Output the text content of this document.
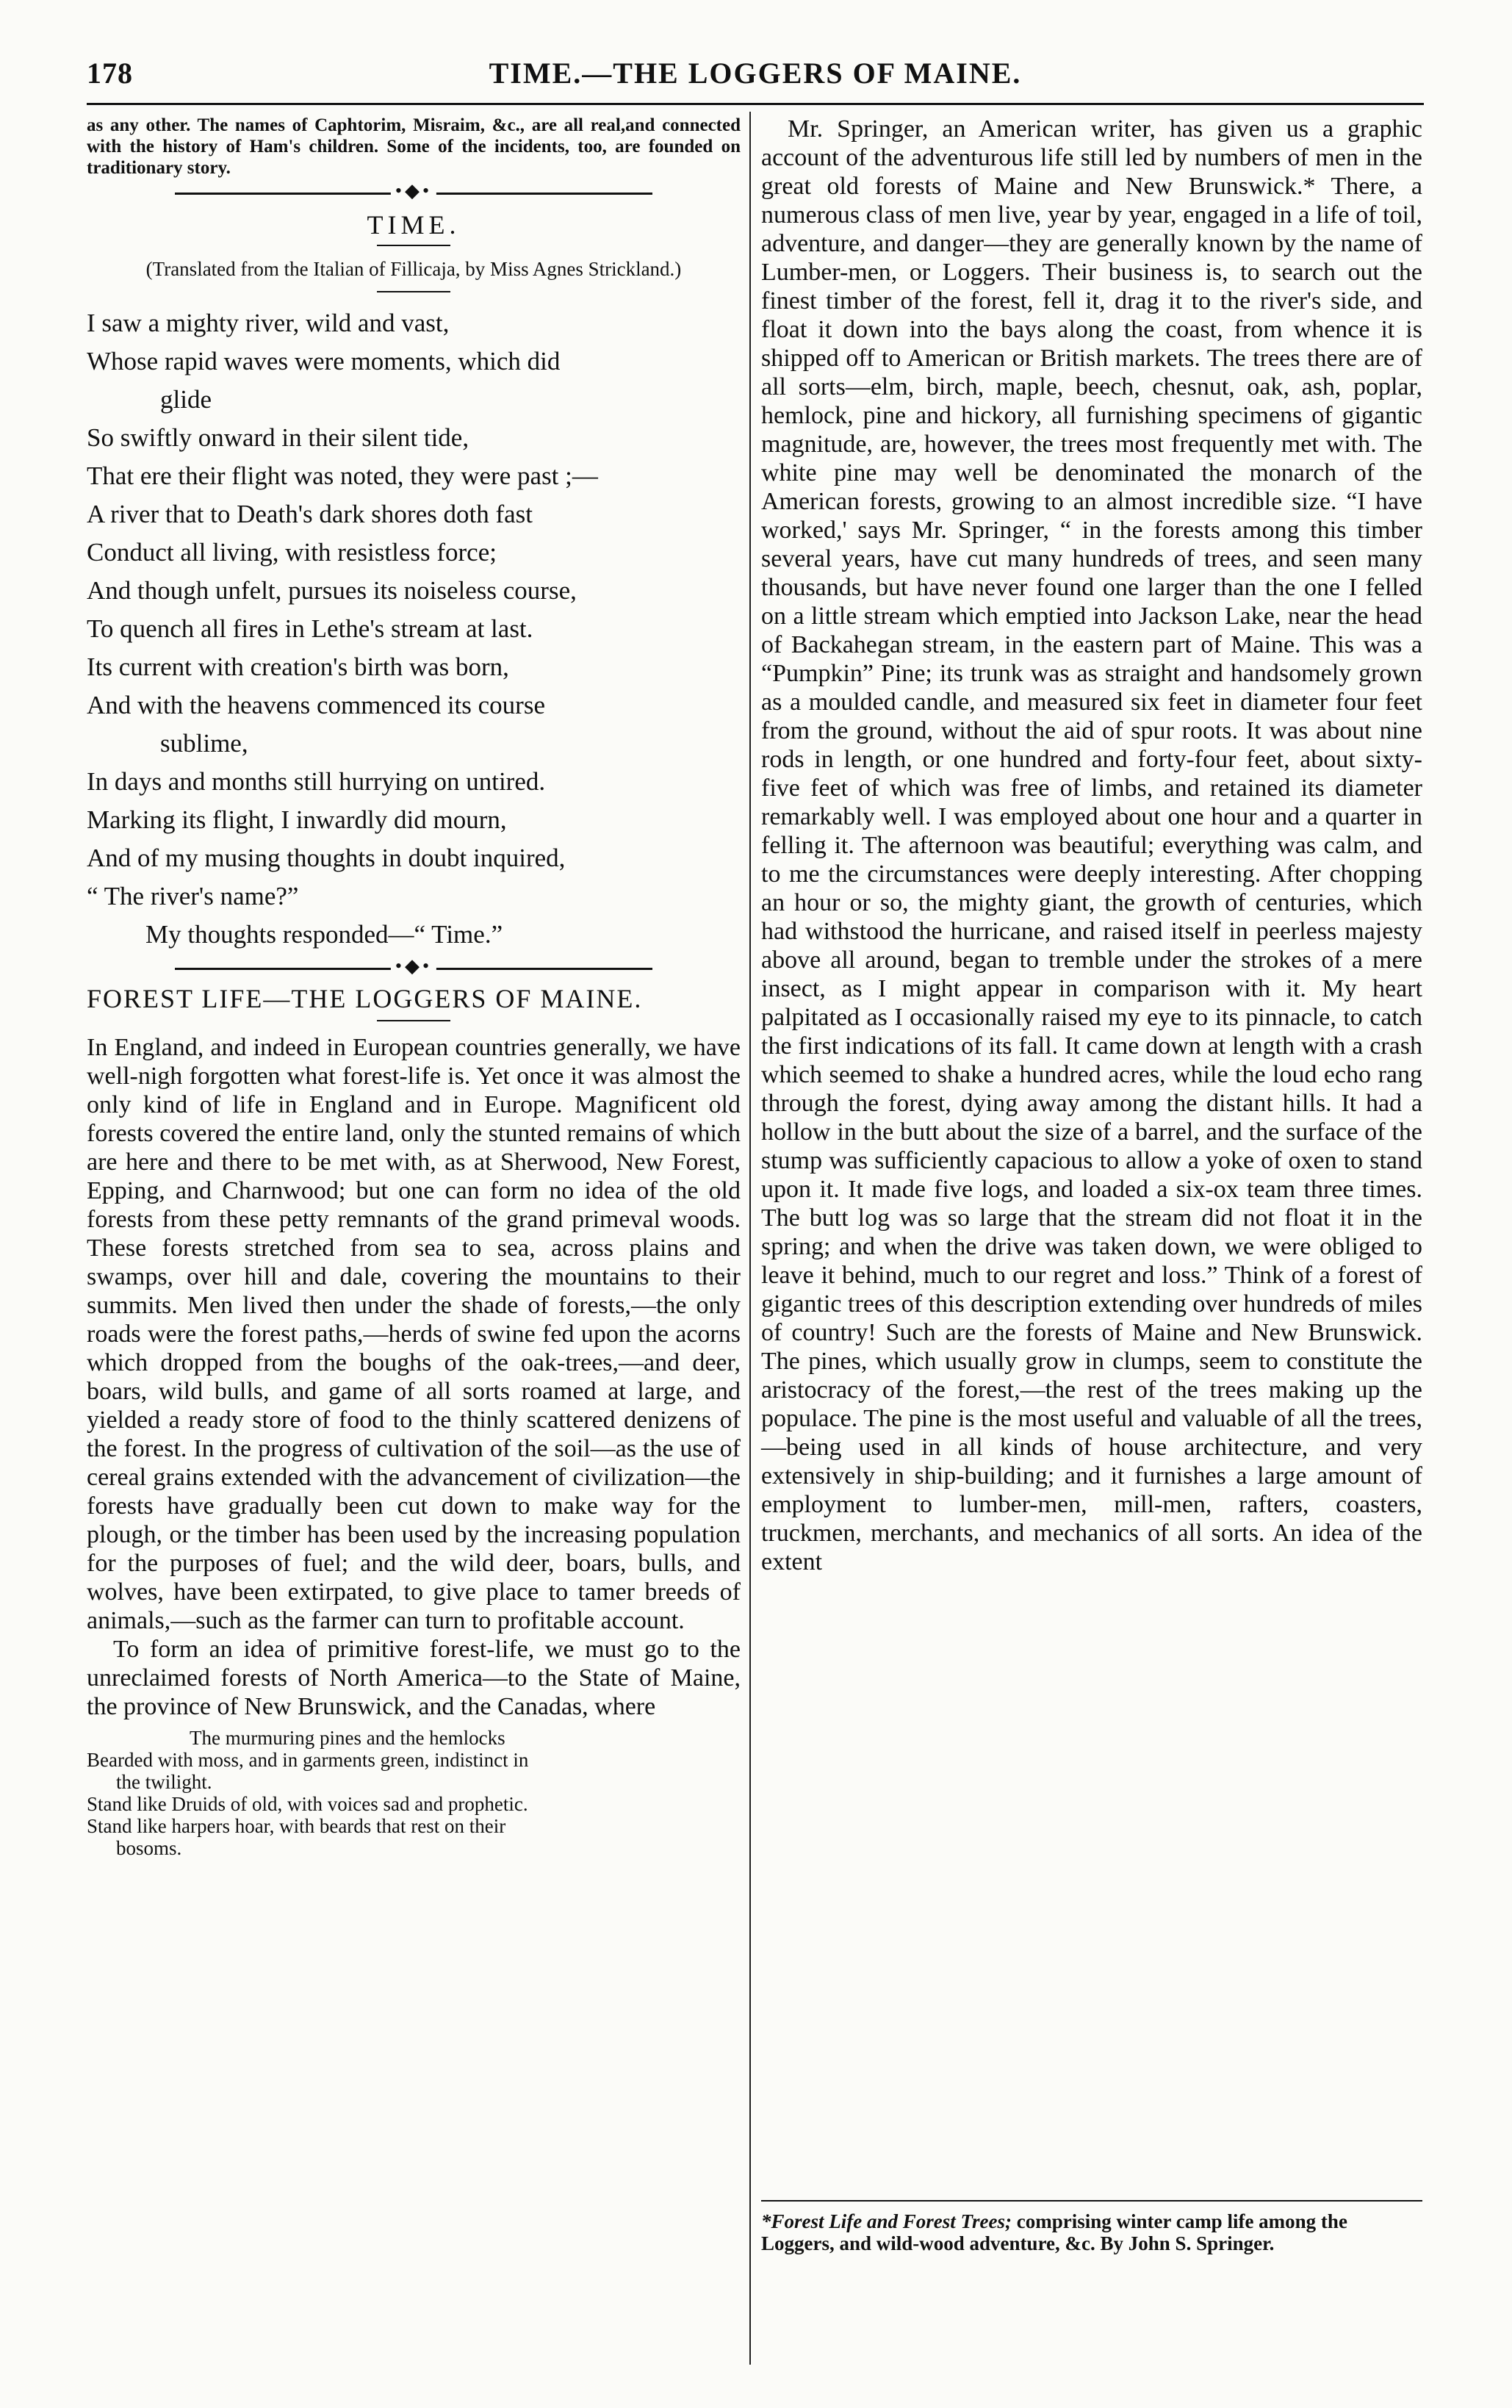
178	TIME.—THE LOGGERS OF MAINE.

as any other. The names of Caphtorim, Misraim, &c., are all real,and connected with the history of Ham's children. Some of the incidents, too, are founded on traditionary story.

•◆•
TIME.

(Translated from the Italian of Fillicaja, by Miss Agnes Strickland.)

I saw a mighty river, wild and vast,
Whose rapid waves were moments, which did
glide
So swiftly onward in their silent tide,
That ere their flight was noted, they were past ;—
A river that to Death's dark shores doth fast
Conduct all living, with resistless force;
And though unfelt, pursues its noiseless course,
To quench all fires in Lethe's stream at last.
Its current with creation's birth was born,
And with the heavens commenced its course
sublime,
In days and months still hurrying on untired.
Marking its flight, I inwardly did mourn,
And of my musing thoughts in doubt inquired,
“ The river's name?”
My thoughts responded—“ Time.”
•◆•
FOREST LIFE—THE LOGGERS OF MAINE.

In England, and indeed in European countries generally, we have well-nigh forgotten what forest-life is. Yet once it was almost the only kind of life in England and in Europe. Magnificent old forests covered the entire land, only the stunted remains of which are here and there to be met with, as at Sherwood, New Forest, Epping, and Charnwood; but one can form no idea of the old forests from these petty remnants of the grand primeval woods. These forests stretched from sea to sea, across plains and swamps, over hill and dale, covering the mountains to their summits. Men lived then under the shade of forests,—the only roads were the forest paths,—herds of swine fed upon the acorns which dropped from the boughs of the oak-trees,—and deer, boars, wild bulls, and game of all sorts roamed at large, and yielded a ready store of food to the thinly scattered denizens of the forest. In the progress of cultivation of the soil—as the use of cereal grains extended with the advancement of civilization—the forests have gradually been cut down to make way for the plough, or the timber has been used by the increasing population for the purposes of fuel; and the wild deer, boars, bulls, and wolves, have been extirpated, to give place to tamer breeds of animals,—such as the farmer can turn to profitable account.

To form an idea of primitive forest-life, we must go to the unreclaimed forests of North America—to the State of Maine, the province of New Brunswick, and the Canadas, where

The murmuring pines and the hemlocks
Bearded with moss, and in garments green, indistinct in
the twilight.
Stand like Druids of old, with voices sad and prophetic.
Stand like harpers hoar, with beards that rest on their
bosoms.

Mr. Springer, an American writer, has given us a graphic account of the adventurous life still led by numbers of men in the great old forests of Maine and New Brunswick.* There, a numerous class of men live, year by year, engaged in a life of toil, adventure, and danger—they are generally known by the name of Lumber-men, or Loggers. Their business is, to search out the finest timber of the forest, fell it, drag it to the river's side, and float it down into the bays along the coast, from whence it is shipped off to American or British markets. The trees there are of all sorts—elm, birch, maple, beech, chesnut, oak, ash, poplar, hemlock, pine and hickory, all furnishing specimens of gigantic magnitude, are, however, the trees most frequently met with. The white pine may well be denominated the monarch of the American forests, growing to an almost incredible size. “I have worked,' says Mr. Springer, “ in the forests among this timber several years, have cut many hundreds of trees, and seen many thousands, but have never found one larger than the one I felled on a little stream which emptied into Jackson Lake, near the head of Backahegan stream, in the eastern part of Maine. This was a “Pumpkin” Pine; its trunk was as straight and handsomely grown as a moulded candle, and measured six feet in diameter four feet from the ground, without the aid of spur roots. It was about nine rods in length, or one hundred and forty-four feet, about sixty-five feet of which was free of limbs, and retained its diameter remarkably well. I was employed about one hour and a quarter in felling it. The afternoon was beautiful; everything was calm, and to me the circumstances were deeply interesting. After chopping an hour or so, the mighty giant, the growth of centuries, which had withstood the hurricane, and raised itself in peerless majesty above all around, began to tremble under the strokes of a mere insect, as I might appear in comparison with it. My heart palpitated as I occasionally raised my eye to its pinnacle, to catch the first indications of its fall. It came down at length with a crash which seemed to shake a hundred acres, while the loud echo rang through the forest, dying away among the distant hills. It had a hollow in the butt about the size of a barrel, and the surface of the stump was sufficiently capacious to allow a yoke of oxen to stand upon it. It made five logs, and loaded a six-ox team three times. The butt log was so large that the stream did not float it in the spring; and when the drive was taken down, we were obliged to leave it behind, much to our regret and loss.” Think of a forest of gigantic trees of this description extending over hundreds of miles of country! Such are the forests of Maine and New Brunswick. The pines, which usually grow in clumps, seem to constitute the aristocracy of the forest,—the rest of the trees making up the populace. The pine is the most useful and valuable of all the trees,—being used in all kinds of house architecture, and very extensively in ship-building; and it furnishes a large amount of employment to lumber-men, mill-men, rafters, coasters, truckmen, merchants, and mechanics of all sorts. An idea of the extent

*Forest Life and Forest Trees; comprising winter camp life among the Loggers, and wild-wood adventure, &c. By John S. Springer.
